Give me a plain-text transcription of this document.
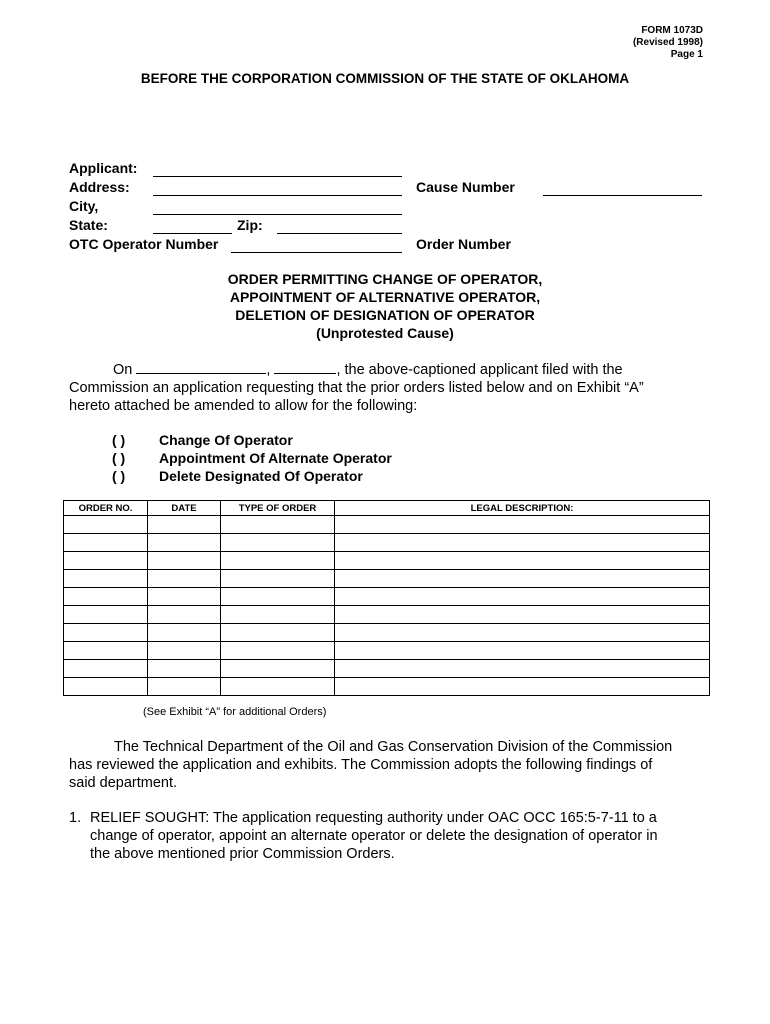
FORM 1073D
(Revised 1998)
Page 1
BEFORE THE CORPORATION COMMISSION OF THE STATE OF OKLAHOMA
Applicant:
Address:
City,
State:	Zip:
OTC Operator Number
Cause Number
Order Number
ORDER PERMITTING CHANGE OF OPERATOR,
APPOINTMENT OF ALTERNATIVE OPERATOR,
DELETION OF DESIGNATION OF OPERATOR
(Unprotested Cause)
On	,	, the above-captioned applicant filed with the
Commission an application requesting that the prior orders listed below and on Exhibit “A”
hereto attached be amended to allow for the following:
( )	Change Of Operator
( )	Appointment Of Alternate Operator
( )	Delete Designated Of Operator
ORDER NO.	DATE	TYPE OF ORDER	LEGAL DESCRIPTION:

(See Exhibit “A” for additional Orders)
The Technical Department of the Oil and Gas Conservation Division of the Commission
has reviewed the application and exhibits. The Commission adopts the following findings of
said department.
1. RELIEF SOUGHT: The application requesting authority under OAC OCC 165:5-7-11 to a
change of operator, appoint an alternate operator or delete the designation of operator in
the above mentioned prior Commission Orders.
